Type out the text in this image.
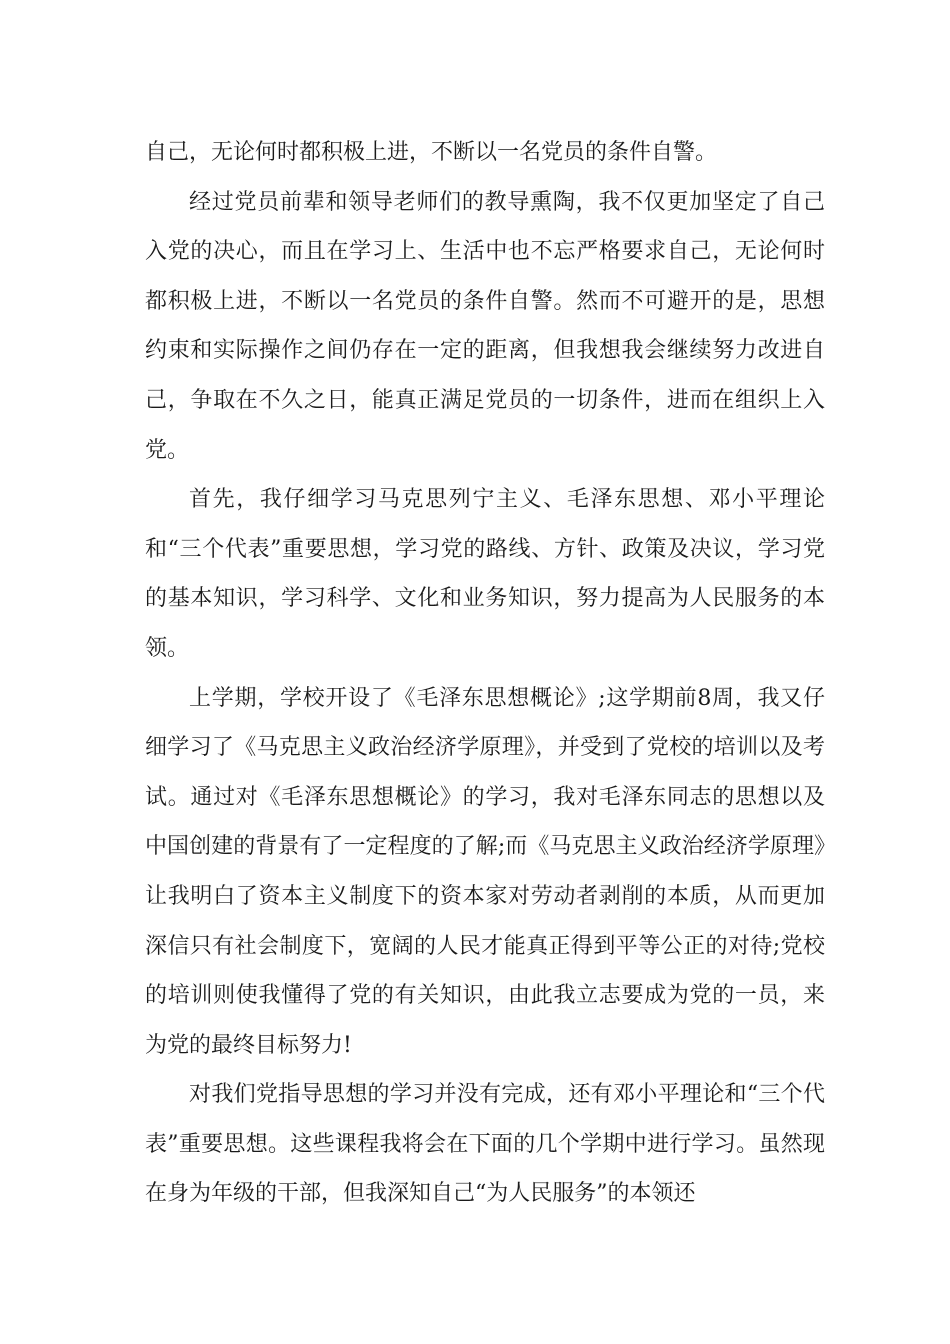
自己，无论何时都积极上进，不断以一名党员的条件自警。

经过党员前辈和领导老师们的教导熏陶，我不仅更加坚定了自己入党的决心，而且在学习上、生活中也不忘严格要求自己，无论何时都积极上进，不断以一名党员的条件自警。然而不可避开的是，思想约束和实际操作之间仍存在一定的距离，但我想我会继续努力改进自己，争取在不久之日，能真正满足党员的一切条件，进而在组织上入党。

首先，我仔细学习马克思列宁主义、毛泽东思想、邓小平理论和“三个代表”重要思想，学习党的路线、方针、政策及决议，学习党的基本知识，学习科学、文化和业务知识，努力提高为人民服务的本领。

上学期，学校开设了《毛泽东思想概论》;这学期前8周，我又仔细学习了《马克思主义政治经济学原理》，并受到了党校的培训以及考试。通过对《毛泽东思想概论》的学习，我对毛泽东同志的思想以及中国创建的背景有了一定程度的了解;而《马克思主义政治经济学原理》让我明白了资本主义制度下的资本家对劳动者剥削的本质，从而更加深信只有社会制度下，宽阔的人民才能真正得到平等公正的对待;党校的培训则使我懂得了党的有关知识，由此我立志要成为党的一员，来为党的最终目标努力!

对我们党指导思想的学习并没有完成，还有邓小平理论和“三个代表”重要思想。这些课程我将会在下面的几个学期中进行学习。虽然现在身为年级的干部，但我深知自己“为人民服务”的本领还
